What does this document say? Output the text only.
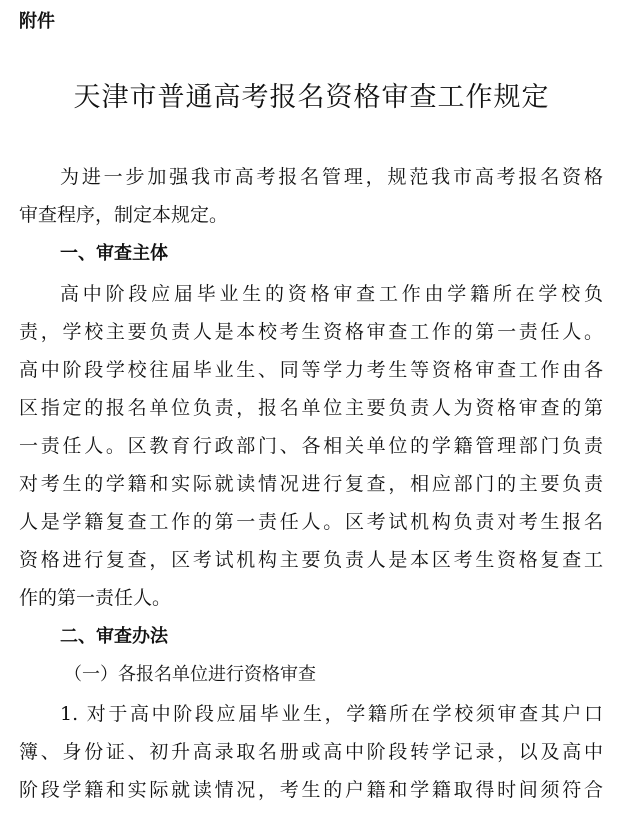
附件
天津市普通高考报名资格审查工作规定
为进一步加强我市高考报名管理，规范我市高考报名资格
审查程序，制定本规定。
一、审查主体
高中阶段应届毕业生的资格审查工作由学籍所在学校负
责，学校主要负责人是本校考生资格审查工作的第一责任人。
高中阶段学校往届毕业生、同等学力考生等资格审查工作由各
区指定的报名单位负责，报名单位主要负责人为资格审查的第
一责任人。区教育行政部门、各相关单位的学籍管理部门负责
对考生的学籍和实际就读情况进行复查，相应部门的主要负责
人是学籍复查工作的第一责任人。区考试机构负责对考生报名
资格进行复查，区考试机构主要负责人是本区考生资格复查工
作的第一责任人。
二、审查办法
（一）各报名单位进行资格审查
1. 对于高中阶段应届毕业生，学籍所在学校须审查其户口
簿、身份证、初升高录取名册或高中阶段转学记录，以及高中
阶段学籍和实际就读情况，考生的户籍和学籍取得时间须符合
